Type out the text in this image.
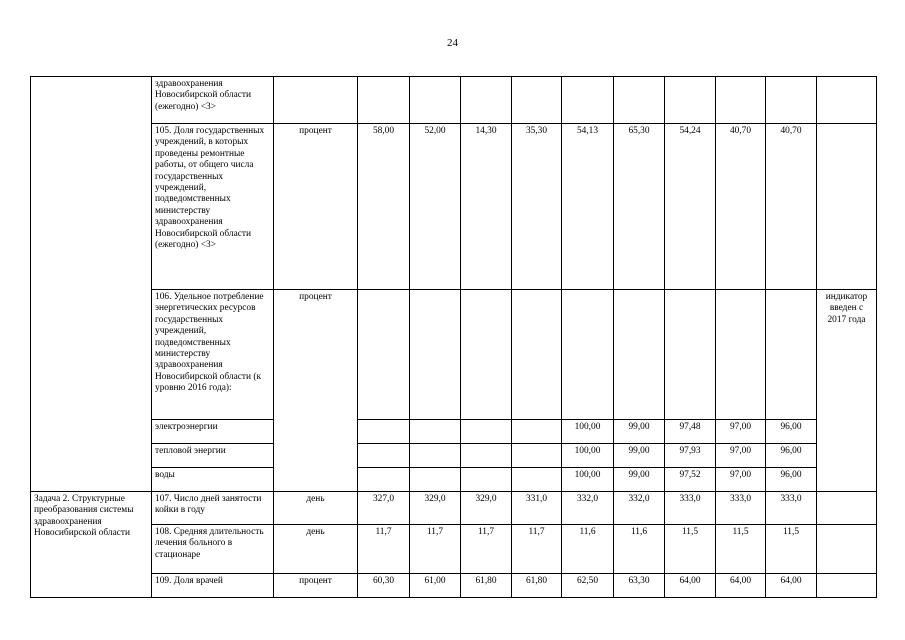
24
	здравоохранения Новосибирской области (ежегодно) <3>											
	105. Доля государственных учреждений, в которых проведены ремонтные работы, от общего числа государственных учреждений, подведомственных министерству здравоохранения Новосибирской области (ежегодно) <3>	процент	58,00	52,00	14,30	35,30	54,13	65,30	54,24	40,70	40,70	
	106. Удельное потребление энергетических ресурсов государственных учреждений, подведомственных министерству здравоохранения Новосибирской области (к уровню 2016 года):	процент										индикатор введен с 2017 года
	электроэнергии						100,00	99,00	97,48	97,00	96,00	
	тепловой энергии						100,00	99,00	97,93	97,00	96,00	
	воды						100,00	99,00	97,52	97,00	96,00	
Задача 2. Структурные преобразования системы здравоохранения Новосибирской области	107. Число дней занятости койки в году	день	327,0	329,0	329,0	331,0	332,0	332,0	333,0	333,0	333,0	
	108. Средняя длительность лечения больного в стационаре	день	11,7	11,7	11,7	11,7	11,6	11,6	11,5	11,5	11,5	
	109. Доля врачей	процент	60,30	61,00	61,80	61,80	62,50	63,30	64,00	64,00	64,00	
